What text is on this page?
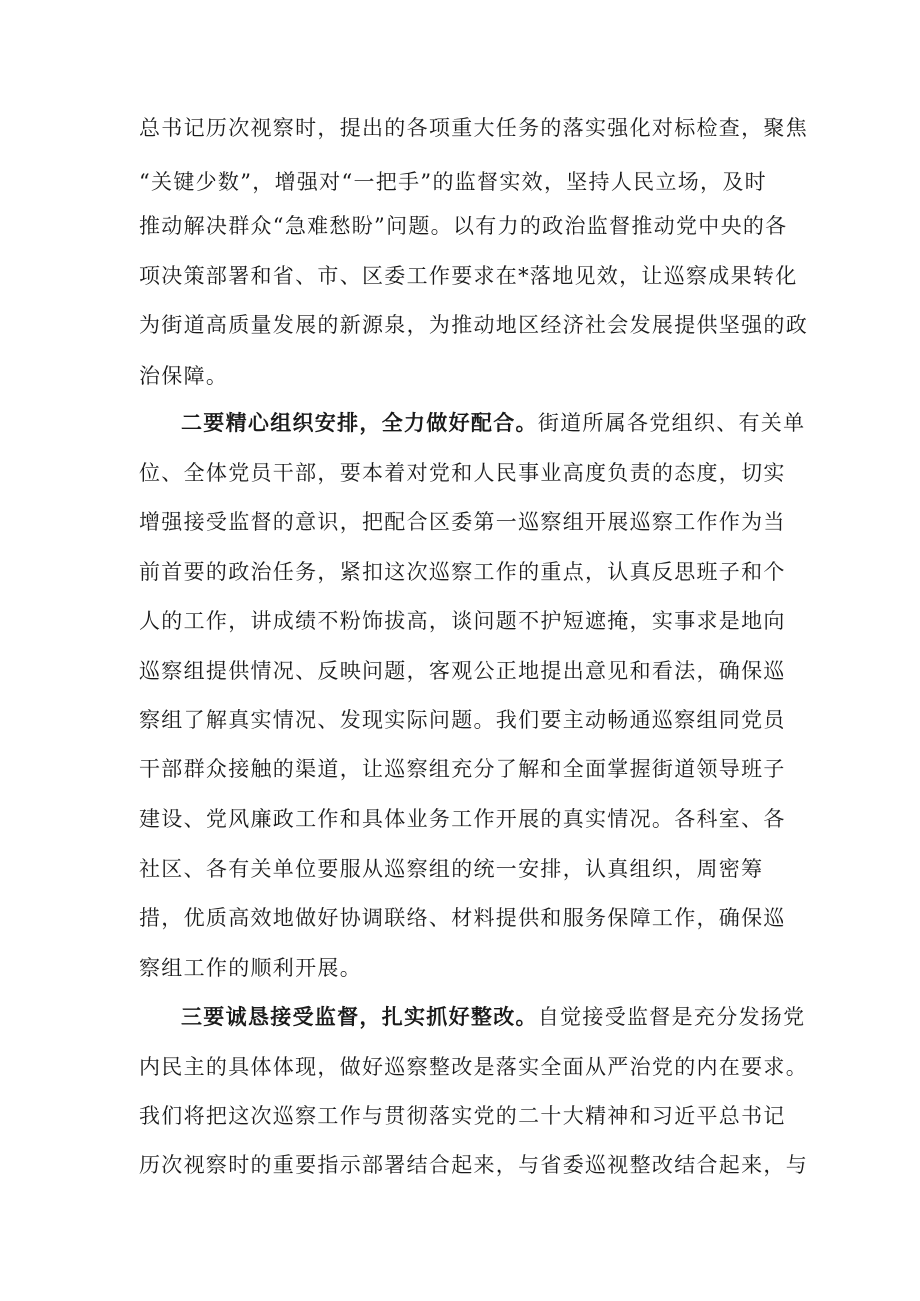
总书记历次视察时，提出的各项重大任务的落实强化对标检查，聚焦
“关键少数”，增强对“一把手”的监督实效，坚持人民立场，及时
推动解决群众“急难愁盼”问题。以有力的政治监督推动党中央的各
项决策部署和省、市、区委工作要求在*落地见效，让巡察成果转化
为街道高质量发展的新源泉，为推动地区经济社会发展提供坚强的政
治保障。
二要精心组织安排，全力做好配合。街道所属各党组织、有关单
位、全体党员干部，要本着对党和人民事业高度负责的态度，切实
增强接受监督的意识，把配合区委第一巡察组开展巡察工作作为当
前首要的政治任务，紧扣这次巡察工作的重点，认真反思班子和个
人的工作，讲成绩不粉饰拔高，谈问题不护短遮掩，实事求是地向
巡察组提供情况、反映问题，客观公正地提出意见和看法，确保巡
察组了解真实情况、发现实际问题。我们要主动畅通巡察组同党员
干部群众接触的渠道，让巡察组充分了解和全面掌握街道领导班子
建设、党风廉政工作和具体业务工作开展的真实情况。各科室、各
社区、各有关单位要服从巡察组的统一安排，认真组织，周密筹
措，优质高效地做好协调联络、材料提供和服务保障工作，确保巡
察组工作的顺利开展。
三要诚恳接受监督，扎实抓好整改。自觉接受监督是充分发扬党
内民主的具体体现，做好巡察整改是落实全面从严治党的内在要求。
我们将把这次巡察工作与贯彻落实党的二十大精神和习近平总书记
历次视察时的重要指示部署结合起来，与省委巡视整改结合起来，与
